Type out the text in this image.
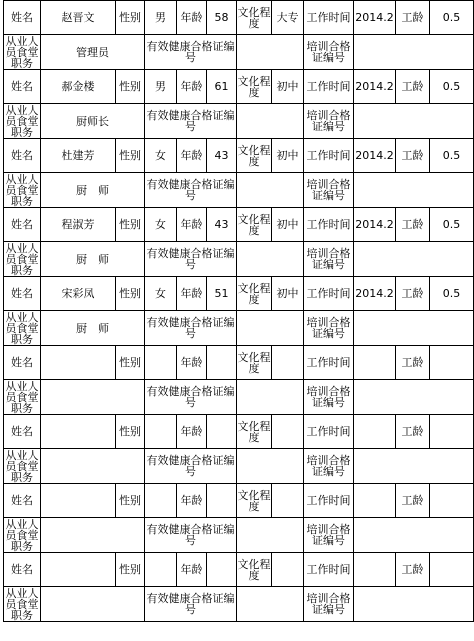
姓名	赵晋文	性别	男	年龄	58	文化程度	大专	工作时间	2014.2	工龄	0.5
从业人员食堂职务	管理员		有效健康合格证编号					培训合格证编号			
姓名	郝金楼	性别	男	年龄	61	文化程度	初中	工作时间	2014.2	工龄	0.5
从业人员食堂职务	厨师长		有效健康合格证编号					培训合格证编号			
姓名	杜建芳	性别	女	年龄	43	文化程度	初中	工作时间	2014.2	工龄	0.5
从业人员食堂职务	厨　师		有效健康合格证编号					培训合格证编号			
姓名	程淑芳	性别	女	年龄	43	文化程度	初中	工作时间	2014.2	工龄	0.5
从业人员食堂职务	厨　师		有效健康合格证编号					培训合格证编号			
姓名	宋彩凤	性别	女	年龄	51	文化程度	初中	工作时间	2014.2	工龄	0.5
从业人员食堂职务	厨　师		有效健康合格证编号					培训合格证编号			
姓名		性别		年龄		文化程度		工作时间		工龄	
从业人员食堂职务			有效健康合格证编号					培训合格证编号			
姓名		性别		年龄		文化程度		工作时间		工龄	
从业人员食堂职务			有效健康合格证编号					培训合格证编号			
姓名		性别		年龄		文化程度		工作时间		工龄	
从业人员食堂职务			有效健康合格证编号					培训合格证编号			
姓名		性别		年龄		文化程度		工作时间		工龄	
从业人员食堂职务			有效健康合格证编号					培训合格证编号			
